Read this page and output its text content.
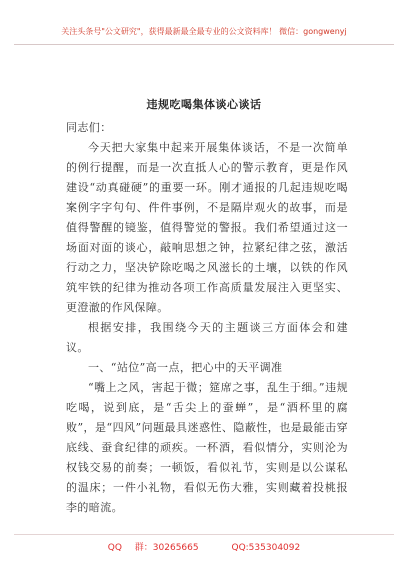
关注头条号"公文研究"，获得最新最全最专业的公文资料库！ 微信：gongwenyj
违规吃喝集体谈心谈话

同志们：

今天把大家集中起来开展集体谈话，不是一次简单的例行提醒，而是一次直抵人心的警示教育，更是作风建设“动真碰硬”的重要一环。刚才通报的几起违规吃喝案例字字句句、件件事例，不是隔岸观火的故事，而是值得警醒的镜鉴，值得警觉的警报。我们希望通过这一场面对面的谈心，敲响思想之钟，拉紧纪律之弦，激活行动之力，坚决铲除吃喝之风滋长的土壤，以铁的作风筑牢铁的纪律为推动各项工作高质量发展注入更坚实、更澄澈的作风保障。

根据安排，我围绕今天的主题谈三方面体会和建议。

一、“站位”高一点，把心中的天平调准

“嘴上之风，害起于微；筵席之事，乱生于细。”违规吃喝，说到底，是“舌尖上的蚕蝉”，是“酒杯里的腐败”，是“四风”问题最具迷惑性、隐蔽性，也是最能击穿底线、蚕食纪律的顽疾。一杯酒，看似情分，实则沦为权钱交易的前奏；一顿饭，看似礼节，实则是以公谋私的温床；一件小礼物，看似无伤大雅，实则藏着投桃报李的暗流。

QQ 群：30265665	QQ:535304092
